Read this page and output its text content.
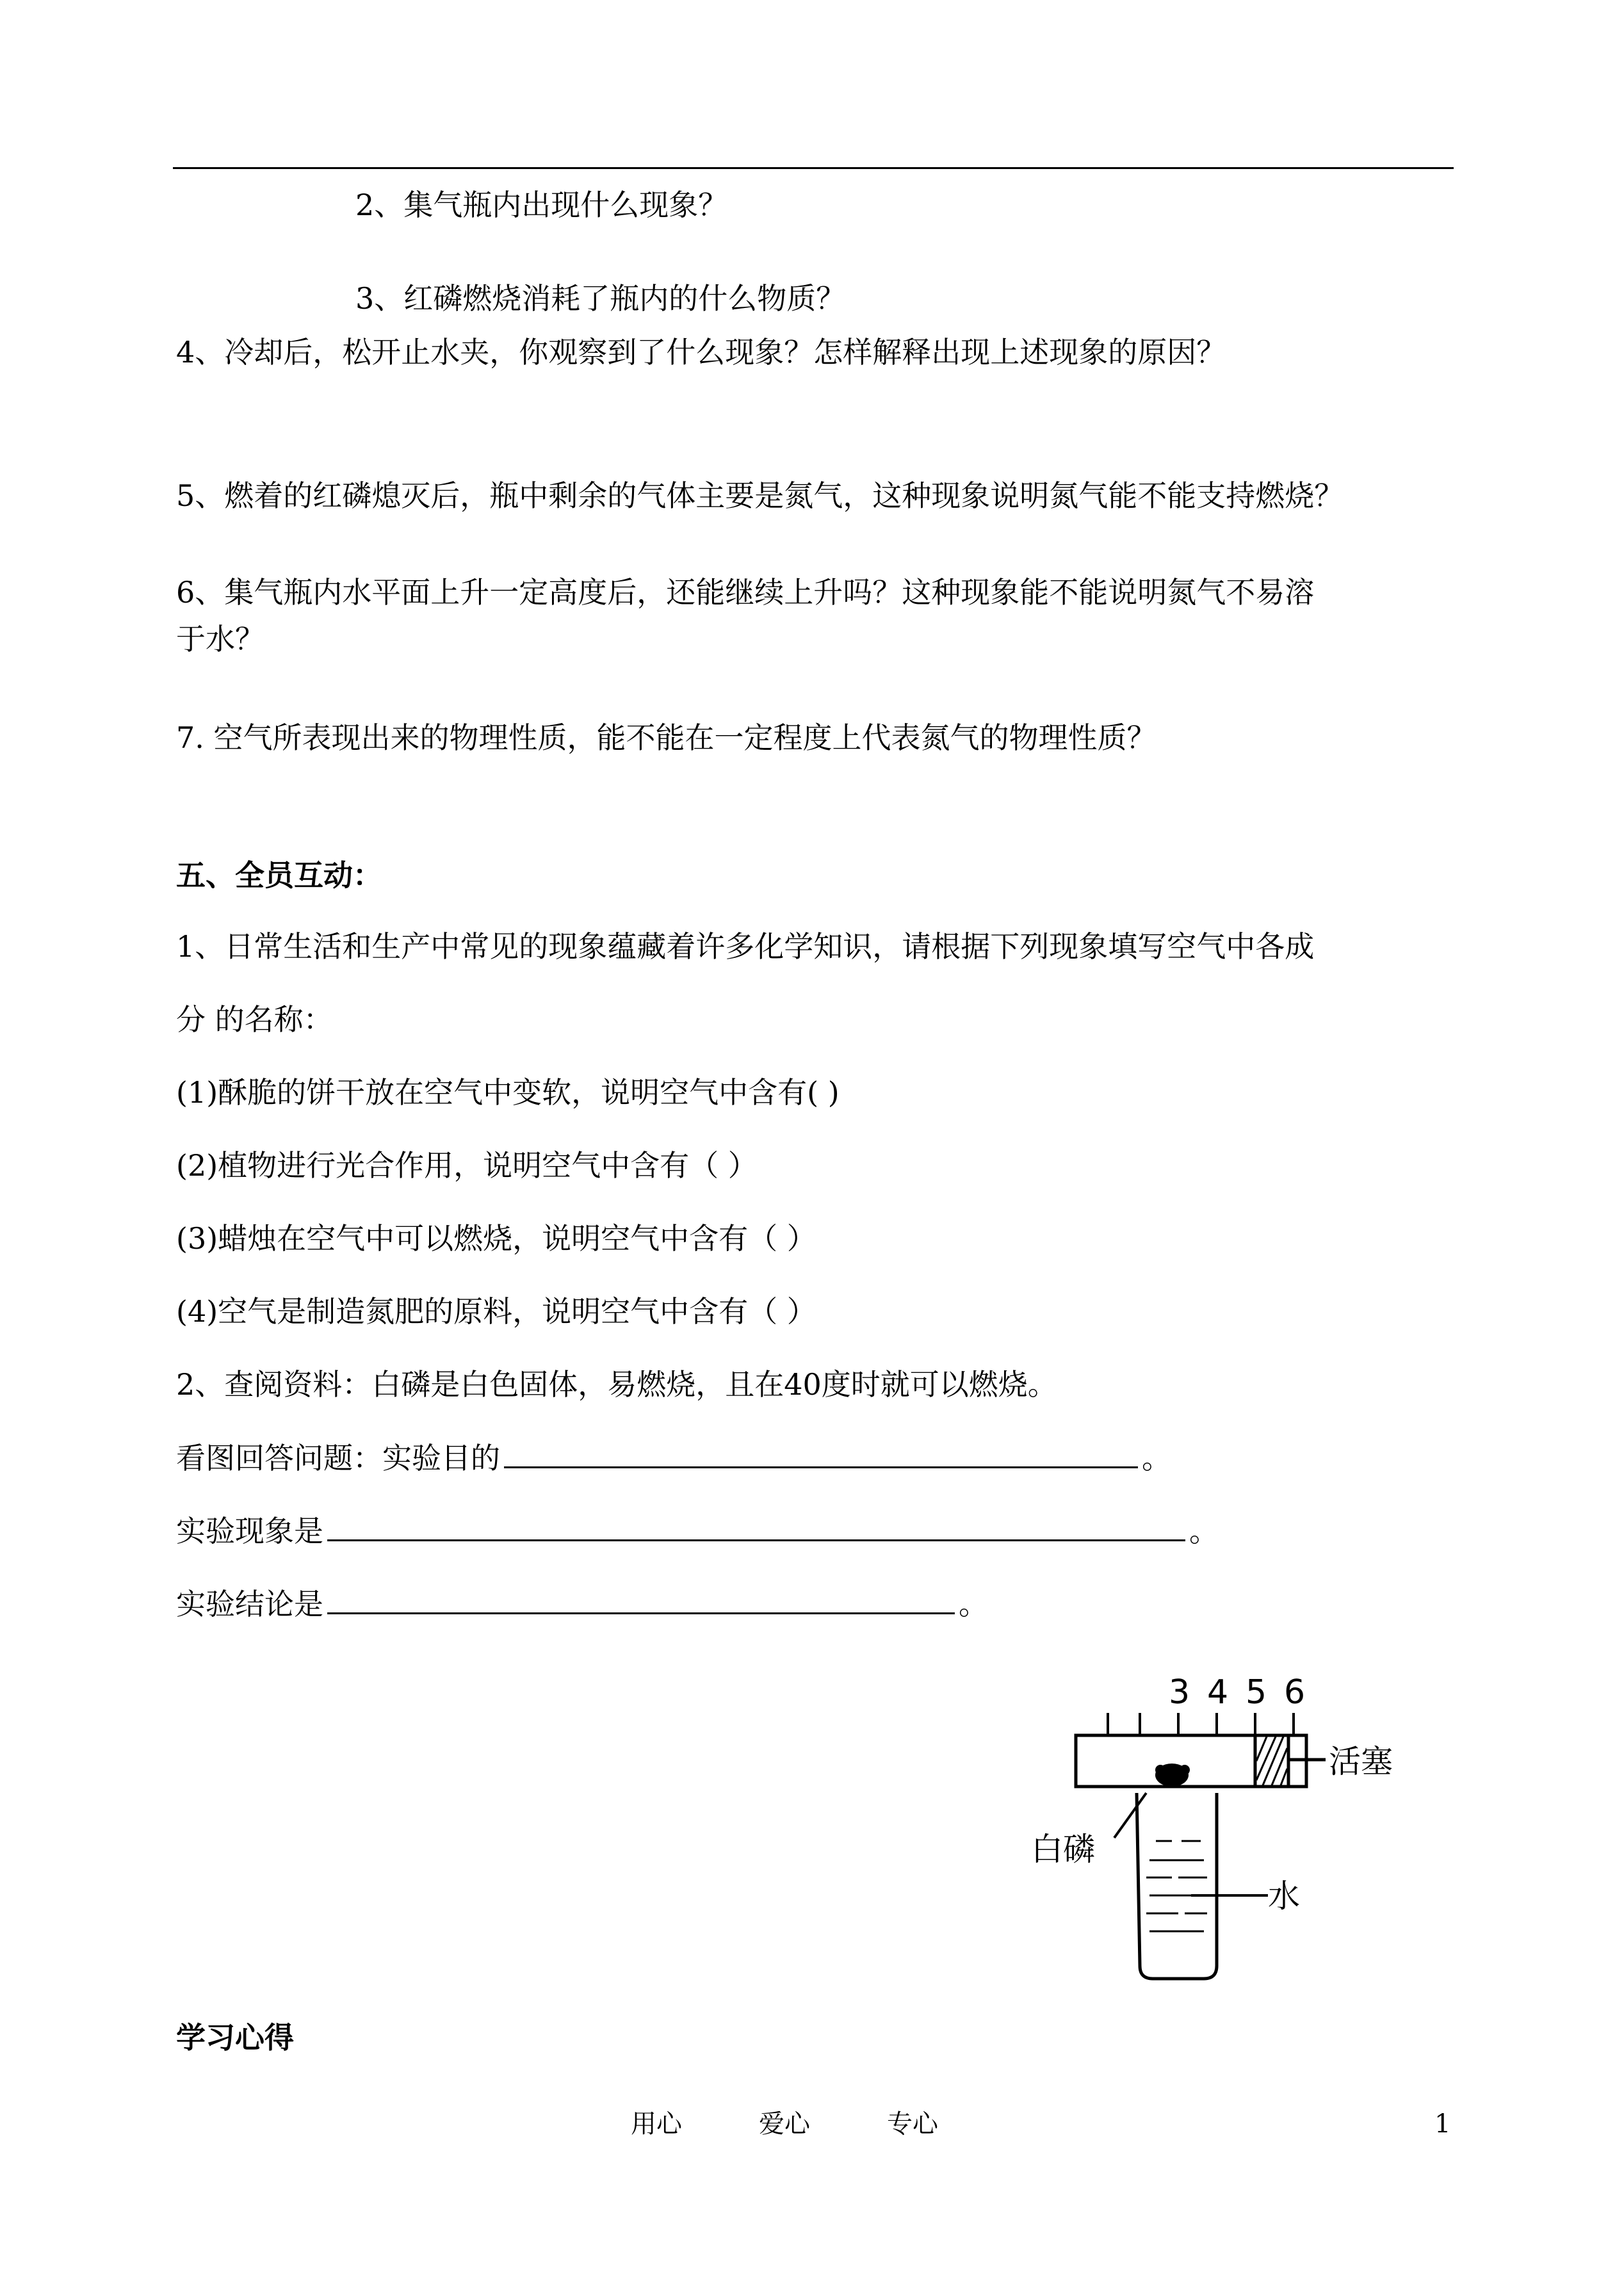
2、集气瓶内出现什么现象？
3、红磷燃烧消耗了瓶内的什么物质？
4、冷却后，松开止水夹，你观察到了什么现象？怎样解释出现上述现象的原因？
5、燃着的红磷熄灭后，瓶中剩余的气体主要是氮气，这种现象说明氮气能不能支持燃烧？
6、集气瓶内水平面上升一定高度后，还能继续上升吗？这种现象能不能说明氮气不易溶
于水？
7. 空气所表现出来的物理性质，能不能在一定程度上代表氮气的物理性质？
五、全员互动：
1、日常生活和生产中常见的现象蕴藏着许多化学知识，请根据下列现象填写空气中各成
分 的名称：
(1)酥脆的饼干放在空气中变软，说明空气中含有( )
(2)植物进行光合作用，说明空气中含有（ ）
(3)蜡烛在空气中可以燃烧，说明空气中含有（ ）
(4)空气是制造氮肥的原料，说明空气中含有（ ）
2、查阅资料：白磷是白色固体，易燃烧，且在40度时就可以燃烧。
看图回答问题：实验目的	。
实验现象是	。
实验结论是	。
3 4 5 6
活塞
白磷
水
学习心得
用心	爱心	专心	1
